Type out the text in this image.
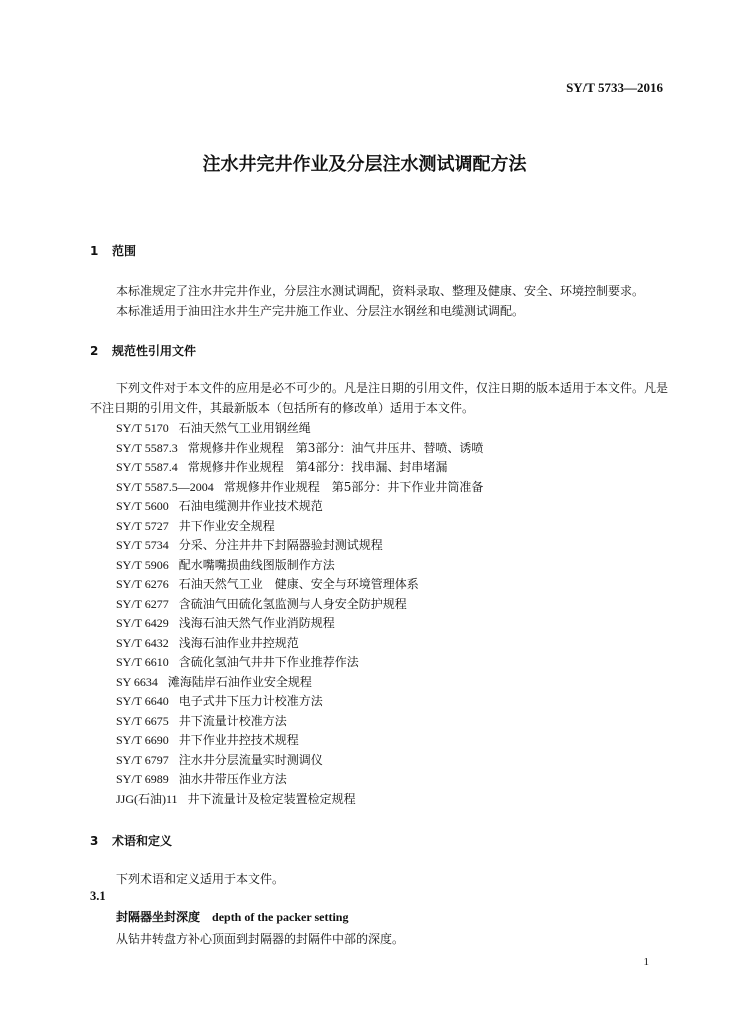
SY/T 5733—2016
注水井完井作业及分层注水测试调配方法
1 范围
本标准规定了注水井完井作业，分层注水测试调配，资料录取、整理及健康、安全、环境控制要求。
本标准适用于油田注水井生产完井施工作业、分层注水钢丝和电缆测试调配。
2 规范性引用文件
下列文件对于本文件的应用是必不可少的。凡是注日期的引用文件，仅注日期的版本适用于本文件。凡是不注日期的引用文件，其最新版本（包括所有的修改单）适用于本文件。
SY/T 5170 石油天然气工业用钢丝绳
SY/T 5587.3 常规修井作业规程　第3部分：油气井压井、替喷、诱喷
SY/T 5587.4 常规修井作业规程　第4部分：找串漏、封串堵漏
SY/T 5587.5—2004 常规修井作业规程　第5部分：井下作业井筒准备
SY/T 5600 石油电缆测井作业技术规范
SY/T 5727 井下作业安全规程
SY/T 5734 分采、分注井井下封隔器验封测试规程
SY/T 5906 配水嘴嘴损曲线图版制作方法
SY/T 6276 石油天然气工业　健康、安全与环境管理体系
SY/T 6277 含硫油气田硫化氢监测与人身安全防护规程
SY/T 6429 浅海石油天然气作业消防规程
SY/T 6432 浅海石油作业井控规范
SY/T 6610 含硫化氢油气井井下作业推荐作法
SY 6634 滩海陆岸石油作业安全规程
SY/T 6640 电子式井下压力计校准方法
SY/T 6675 井下流量计校准方法
SY/T 6690 井下作业井控技术规程
SY/T 6797 注水井分层流量实时测调仪
SY/T 6989 油水井带压作业方法
JJG(石油)11 井下流量计及检定装置检定规程
3 术语和定义
下列术语和定义适用于本文件。
3.1
封隔器坐封深度 depth of the packer setting
从钻井转盘方补心顶面到封隔器的封隔件中部的深度。
1
